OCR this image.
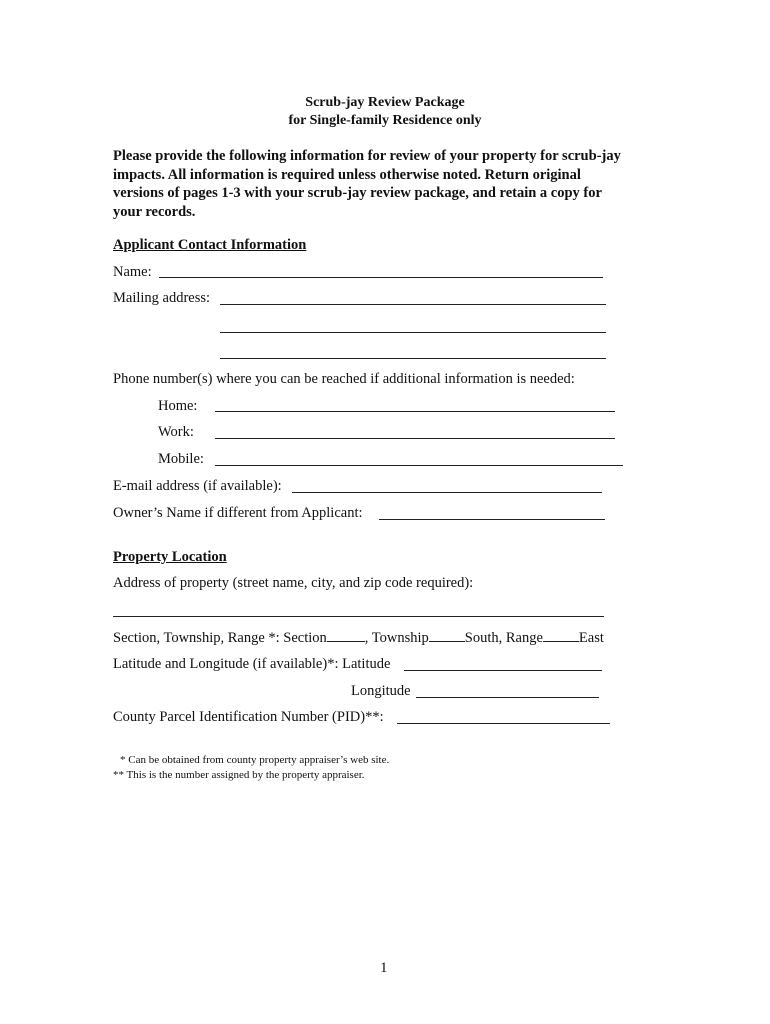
Scrub-jay Review Package
for Single-family Residence only
Please provide the following information for review of your property for scrub-jay
impacts. All information is required unless otherwise noted. Return original
versions of pages 1-3 with your scrub-jay review package, and retain a copy for
your records.
Applicant Contact Information
Name:
Mailing address:
Phone number(s) where you can be reached if additional information is needed:
Home:
Work:
Mobile:
E-mail address (if available):
Owner’s Name if different from Applicant:
Property Location
Address of property (street name, city, and zip code required):
Section, Township, Range *: Section	, Township South, Range East
Latitude and Longitude (if available)*: Latitude
Longitude
County Parcel Identification Number (PID)**:
* Can be obtained from county property appraiser’s web site.
** This is the number assigned by the property appraiser.
1
